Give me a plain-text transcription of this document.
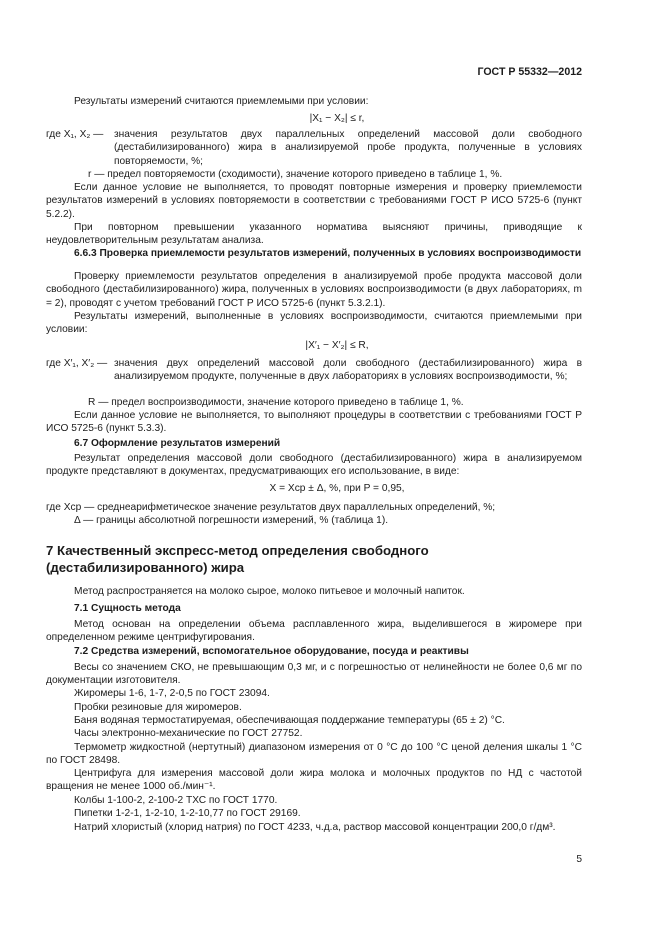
ГОСТ Р 55332—2012
Результаты измерений считаются приемлемыми при условии:
|X₁ − X₂| ≤ r,
где X₁, X₂ —	значения результатов двух параллельных определений массовой доли свободного (дестабилизированного) жира в анализируемой пробе продукта, полученные в условиях повторяемости, %;
r — предел повторяемости (сходимости), значение которого приведено в таблице 1, %.
Если данное условие не выполняется, то проводят повторные измерения и проверку приемлемости результатов измерений в условиях повторяемости в соответствии с требованиями ГОСТ Р ИСО 5725-6 (пункт 5.2.2).
При повторном превышении указанного норматива выясняют причины, приводящие к неудовлетворительным результатам анализа.
6.6.3 Проверка приемлемости результатов измерений, полученных в условиях воспроизводимости
Проверку приемлемости результатов определения в анализируемой пробе продукта массовой доли свободного (дестабилизированного) жира, полученных в условиях воспроизводимости (в двух лабораториях, m = 2), проводят с учетом требований ГОСТ Р ИСО 5725-6 (пункт 5.3.2.1).
Результаты измерений, выполненные в условиях воспроизводимости, считаются приемлемыми при условии:
|X′₁ − X′₂| ≤ R,
где X′₁, X′₂ — значения двух определений массовой доли свободного (дестабилизированного) жира в анализируемом продукте, полученные в двух лабораториях в условиях воспроизводимости, %;
R — предел воспроизводимости, значение которого приведено в таблице 1, %.
Если данное условие не выполняется, то выполняют процедуры в соответствии с требованиями ГОСТ Р ИСО 5725-6 (пункт 5.3.3).
6.7 Оформление результатов измерений
Результат определения массовой доли свободного (дестабилизированного) жира в анализируемом продукте представляют в документах, предусматривающих его использование, в виде:
X = Xср ± Δ, %, при P = 0,95,
где Xср — среднеарифметическое значение результатов двух параллельных определений, %;
Δ — границы абсолютной погрешности измерений, % (таблица 1).
7 Качественный экспресс-метод определения свободного (дестабилизированного) жира
Метод распространяется на молоко сырое, молоко питьевое и молочный напиток.
7.1 Сущность метода
Метод основан на определении объема расплавленного жира, выделившегося в жиромере при определенном режиме центрифугирования.
7.2 Средства измерений, вспомогательное оборудование, посуда и реактивы
Весы со значением СКО, не превышающим 0,3 мг, и с погрешностью от нелинейности не более 0,6 мг по документации изготовителя.
Жиромеры 1-6, 1-7, 2-0,5 по ГОСТ 23094.
Пробки резиновые для жиромеров.
Баня водяная термостатируемая, обеспечивающая поддержание температуры (65 ± 2) °С.
Часы электронно-механические по ГОСТ 27752.
Термометр жидкостной (нертутный) диапазоном измерения от 0 °С до 100 °С ценой деления шкалы 1 °С по ГОСТ 28498.
Центрифуга для измерения массовой доли жира молока и молочных продуктов по НД с частотой вращения не менее 1000 об./мин⁻¹.
Колбы 1-100-2, 2-100-2 ТХС по ГОСТ 1770.
Пипетки 1-2-1, 1-2-10, 1-2-10,77 по ГОСТ 29169.
Натрий хлористый (хлорид натрия) по ГОСТ 4233, ч.д.а, раствор массовой концентрации 200,0 г/дм³.
5
